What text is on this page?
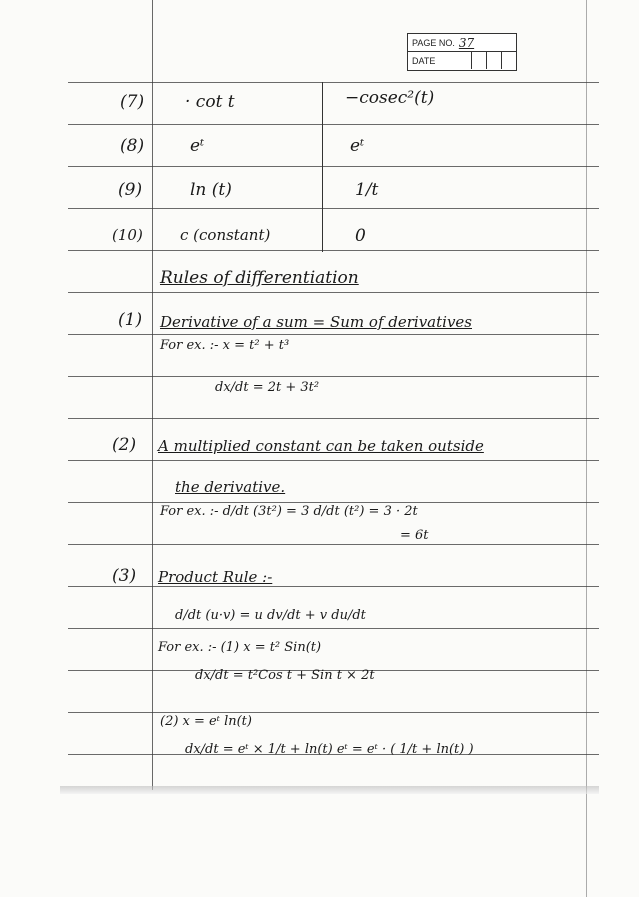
PAGE NO. 37
DATE
(7) · cot t	−cosec²(t)
(8)	eᵗ	eᵗ
(9)	ln (t)	1/t
(10) c (constant)	0
Rules of differentiation
(1) Derivative of a sum = Sum of derivatives
For ex. :- x = t² + t³
dx/dt = 2t + 3t²
(2) A multiplied constant can be taken outside
the derivative.
For ex. :- d/dt (3t²) = 3 d/dt (t²) = 3 · 2t
= 6t
(3) Product Rule :-
d/dt (u·v) = u dv/dt + v du/dt
For ex. :- (1) x = t² Sin(t)
dx/dt = t²Cos t + Sin t × 2t
(2) x = eᵗ ln(t)
dx/dt = eᵗ × 1/t + ln(t) eᵗ = eᵗ · ( 1/t + ln(t) )
